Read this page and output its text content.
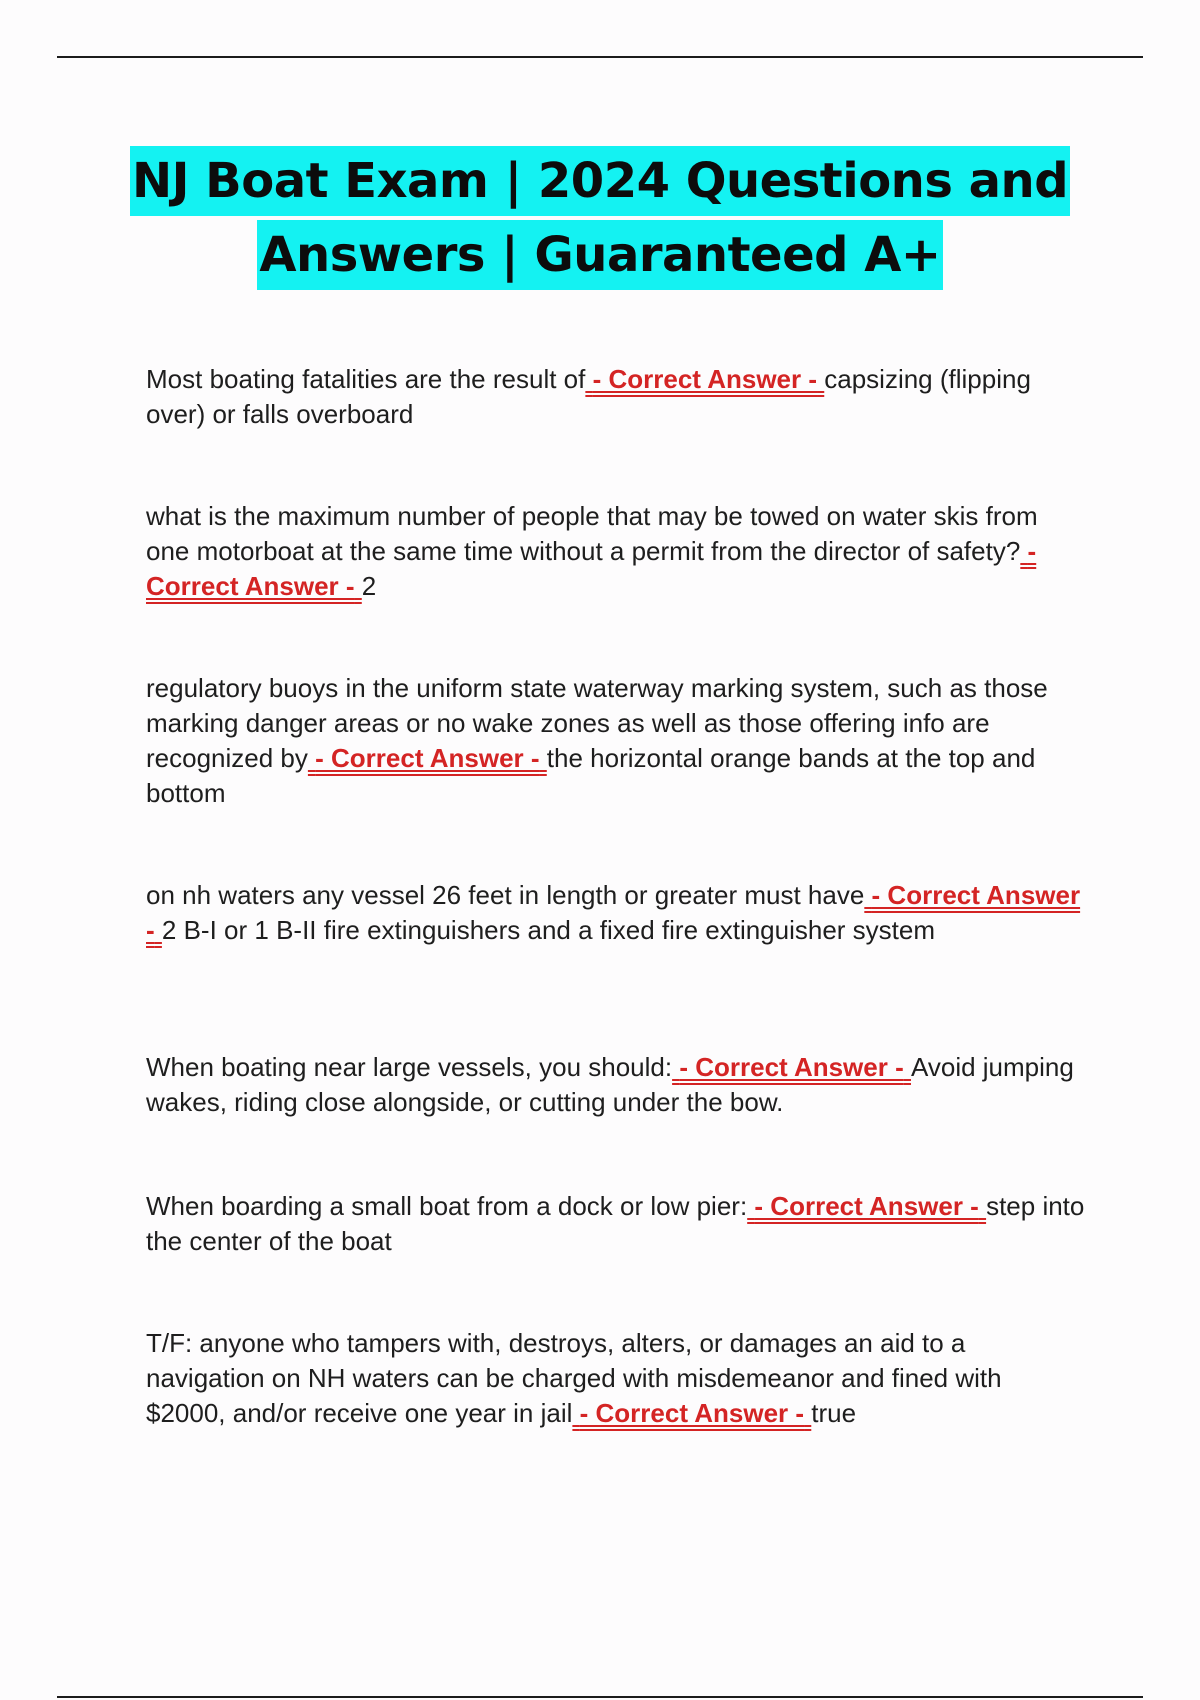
NJ Boat Exam | 2024 Questions and
Answers | Guaranteed A+
Most boating fatalities are the result of - Correct Answer - capsizing (flipping over) or falls overboard
what is the maximum number of people that may be towed on water skis from one motorboat at the same time without a permit from the director of safety? - Correct Answer - 2
regulatory buoys in the uniform state waterway marking system, such as those marking danger areas or no wake zones as well as those offering info are recognized by - Correct Answer - the horizontal orange bands at the top and bottom
on nh waters any vessel 26 feet in length or greater must have - Correct Answer - 2 B-I or 1 B-II fire extinguishers and a fixed fire extinguisher system
When boating near large vessels, you should: - Correct Answer - Avoid jumping wakes, riding close alongside, or cutting under the bow.
When boarding a small boat from a dock or low pier: - Correct Answer - step into the center of the boat
T/F: anyone who tampers with, destroys, alters, or damages an aid to a navigation on NH waters can be charged with misdemeanor and fined with $2000, and/or receive one year in jail - Correct Answer - true
